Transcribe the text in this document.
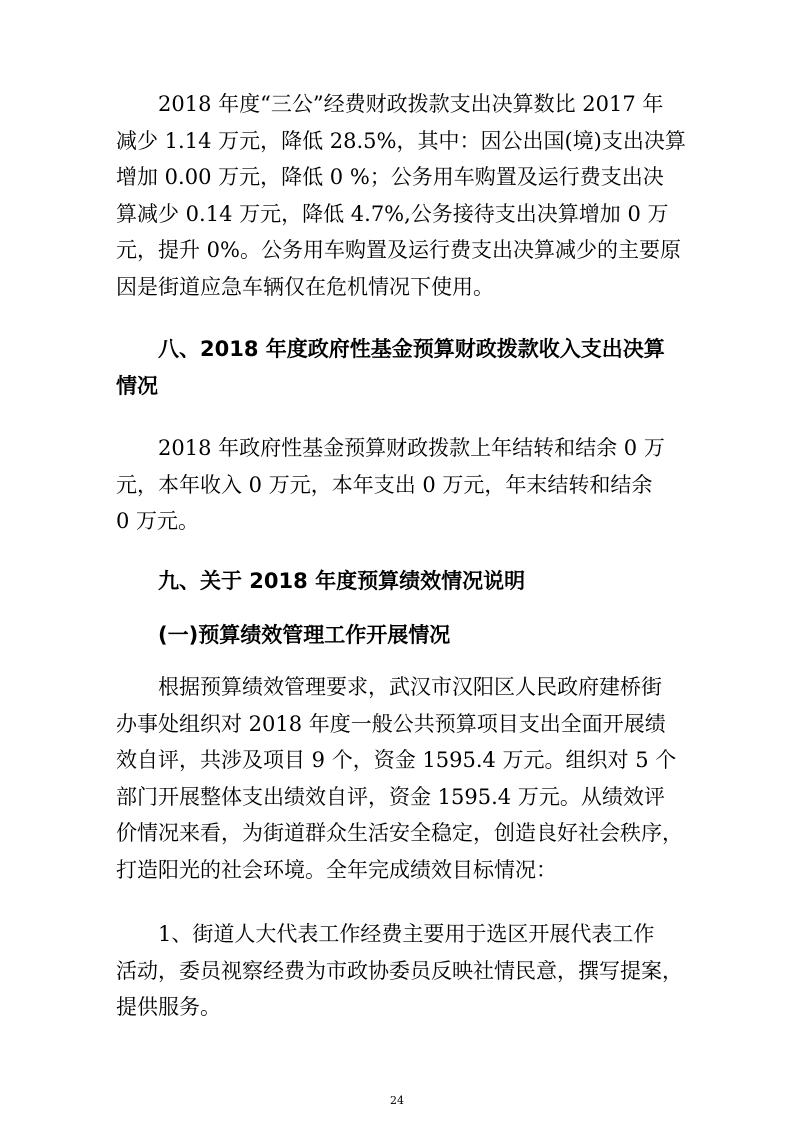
2018 年度“三公”经费财政拨款支出决算数比 2017 年
减少 1.14 万元，降低 28.5%，其中：因公出国(境)支出决算
增加 0.00 万元，降低 0 %；公务用车购置及运行费支出决
算减少 0.14 万元，降低 4.7%,公务接待支出决算增加 0 万
元，提升 0%。公务用车购置及运行费支出决算减少的主要原
因是街道应急车辆仅在危机情况下使用。

八、2018 年度政府性基金预算财政拨款收入支出决算
情况

2018 年政府性基金预算财政拨款上年结转和结余 0 万
元，本年收入 0 万元，本年支出 0 万元，年末结转和结余
0 万元。

九、关于 2018 年度预算绩效情况说明
(一)预算绩效管理工作开展情况

根据预算绩效管理要求，武汉市汉阳区人民政府建桥街
办事处组织对 2018 年度一般公共预算项目支出全面开展绩
效自评，共涉及项目 9 个，资金 1595.4 万元。组织对 5 个
部门开展整体支出绩效自评，资金 1595.4 万元。从绩效评
价情况来看，为街道群众生活安全稳定，创造良好社会秩序，
打造阳光的社会环境。全年完成绩效目标情况：

1、街道人大代表工作经费主要用于选区开展代表工作
活动，委员视察经费为市政协委员反映社情民意，撰写提案，
提供服务。

24
